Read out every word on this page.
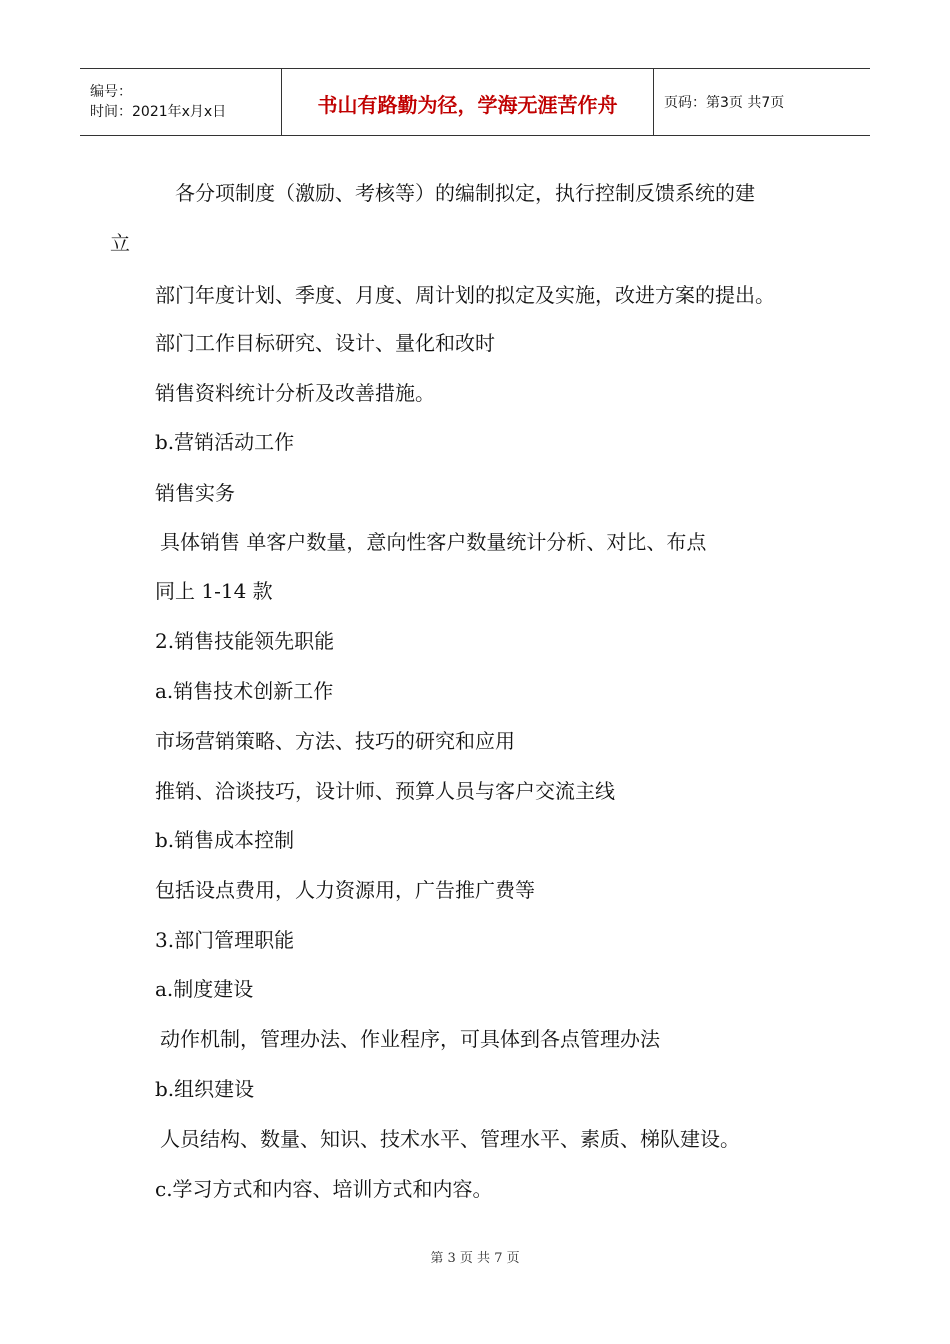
编号：
时间：2021年x月x日	书山有路勤为径，学海无涯苦作舟	页码：第3页 共7页
各分项制度（激励、考核等）的编制拟定，执行控制反馈系统的建
立
部门年度计划、季度、月度、周计划的拟定及实施，改进方案的提出。
部门工作目标研究、设计、量化和改时
销售资料统计分析及改善措施。
b.营销活动工作
销售实务
具体销售 单客户数量，意向性客户数量统计分析、对比、布点
同上 1-14 款
2.销售技能领先职能
a.销售技术创新工作
市场营销策略、方法、技巧的研究和应用
推销、洽谈技巧，设计师、预算人员与客户交流主线
b.销售成本控制
包括设点费用，人力资源用，广告推广费等
3.部门管理职能
a.制度建设
动作机制，管理办法、作业程序，可具体到各点管理办法
b.组织建设
人员结构、数量、知识、技术水平、管理水平、素质、梯队建设。
c.学习方式和内容、培训方式和内容。
第 3 页 共 7 页
